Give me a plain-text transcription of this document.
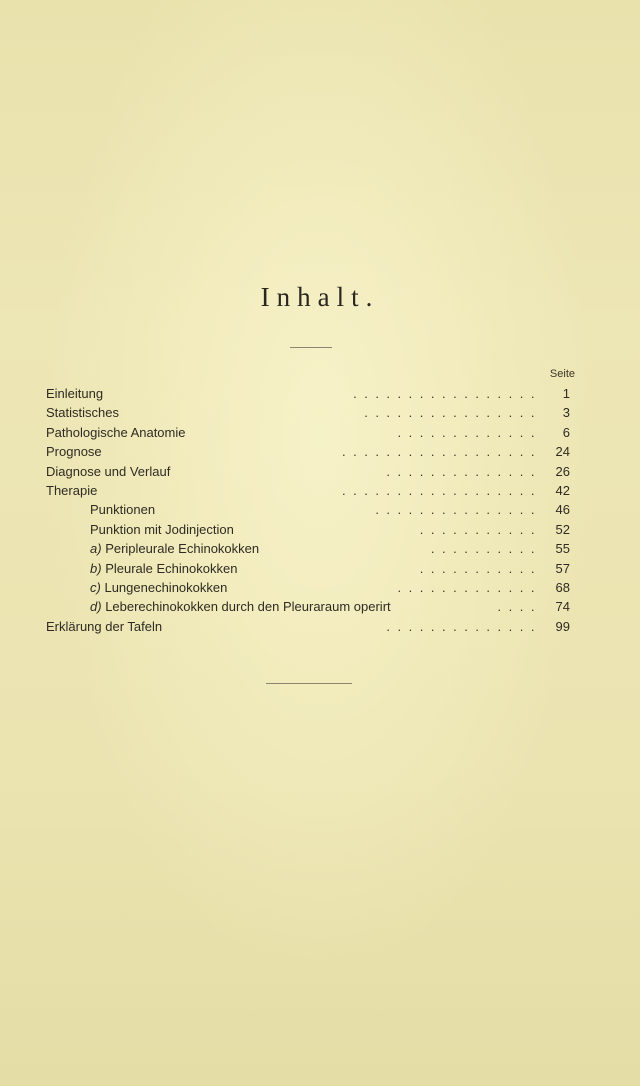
Inhalt.
Seite
Einleitung	.................	1
Statistisches	................	3
Pathologische Anatomie	.............	6
Prognose	..................	24
Diagnose und Verlauf	..............	26
Therapie	..................	42
Punktionen	...............	46
Punktion mit Jodinjection	...........	52
a) Peripleurale Echinokokken	..........	55
b) Pleurale Echinokokken	...........	57
c) Lungenechinokokken	.............	68
d) Leberechinokokken durch den Pleuraraum operirt	....	74
Erklärung der Tafeln	..............	99
